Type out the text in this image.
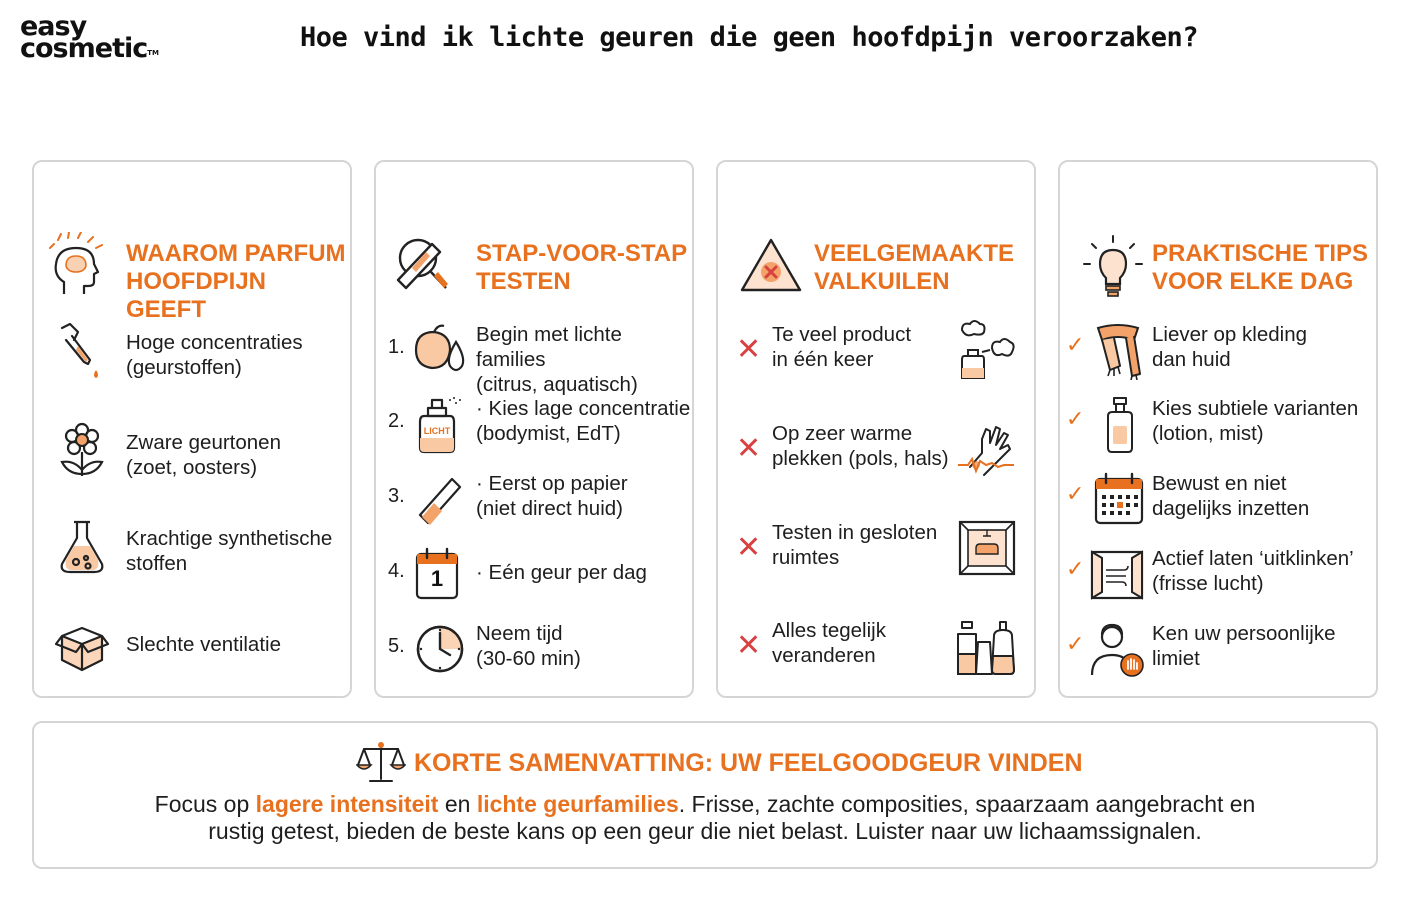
easy
cosmetic™	Hoe vind ik lichte geuren die geen hoofdpijn veroorzaken?
WAAROM PARFUM
HOOFDPIJN GEEFT
Hoge concentraties
(geurstoffen)
Zware geurtonen
(zoet, oosters)
Krachtige synthetische
stoffen
Slechte ventilatie
STAP-VOOR-STAP
TESTEN
1.
Begin met lichte families
(citrus, aquatisch)
2.	LICHT
· Kies lage concentratie
(bodymist, EdT)
3.
· Eerst op papier
(niet direct huid)
4.	1	· Eén geur per dag
5.
Neem tijd
(30-60 min)
VEELGEMAAKTE
VALKUILEN
✕ Te veel product
in één keer
✕ Op zeer warme
plekken (pols, hals)
✕ Testen in gesloten
ruimtes
✕ Alles tegelijk
veranderen
PRAKTISCHE TIPS
VOOR ELKE DAG
✓	Liever op kleding
dan huid
✓	Kies subtiele varianten
(lotion, mist)
✓	Bewust en niet
dagelijks inzetten
✓	Actief laten ‘uitklinken’
(frisse lucht)
✓	Ken uw persoonlijke
limiet
KORTE SAMENVATTING: UW FEELGOODGEUR VINDEN
Focus op lagere intensiteit en lichte geurfamilies. Frisse, zachte composities, spaarzaam aangebracht en
rustig getest, bieden de beste kans op een geur die niet belast. Luister naar uw lichaamssignalen.
